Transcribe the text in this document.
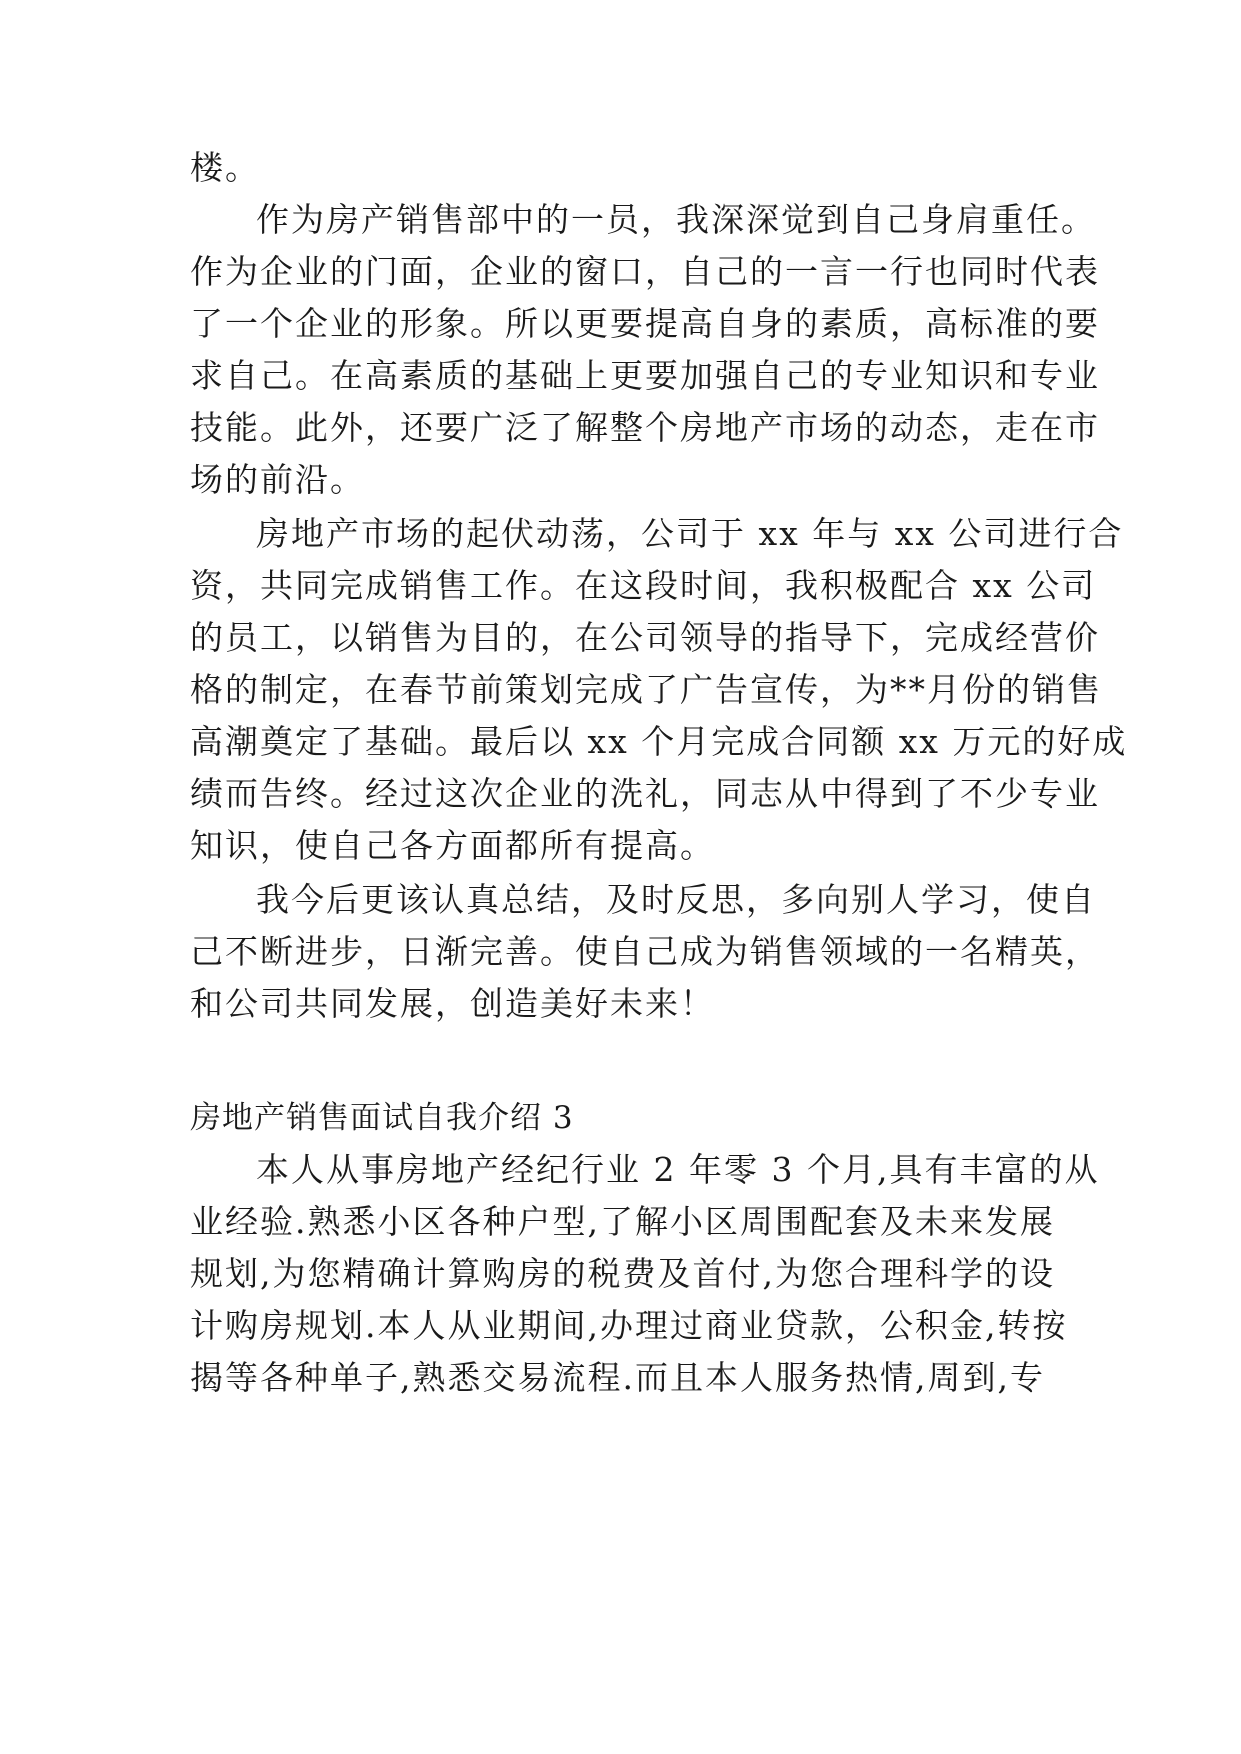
楼。
作为房产销售部中的一员，我深深觉到自己身肩重任。
作为企业的门面，企业的窗口，自己的一言一行也同时代表
了一个企业的形象。所以更要提高自身的素质，高标准的要
求自己。在高素质的基础上更要加强自己的专业知识和专业
技能。此外，还要广泛了解整个房地产市场的动态，走在市
场的前沿。
房地产市场的起伏动荡，公司于 xx 年与 xx 公司进行合
资，共同完成销售工作。在这段时间，我积极配合 xx 公司
的员工，以销售为目的，在公司领导的指导下，完成经营价
格的制定，在春节前策划完成了广告宣传，为**月份的销售
高潮奠定了基础。最后以 xx 个月完成合同额 xx 万元的好成
绩而告终。经过这次企业的洗礼，同志从中得到了不少专业
知识，使自己各方面都所有提高。
我今后更该认真总结，及时反思，多向别人学习，使自
己不断进步，日渐完善。使自己成为销售领域的一名精英，
和公司共同发展，创造美好未来！
房地产销售面试自我介绍 3
本人从事房地产经纪行业 2 年零 3 个月,具有丰富的从
业经验.熟悉小区各种户型,了解小区周围配套及未来发展
规划,为您精确计算购房的税费及首付,为您合理科学的设
计购房规划.本人从业期间,办理过商业贷款，公积金,转按
揭等各种单子,熟悉交易流程.而且本人服务热情,周到,专
